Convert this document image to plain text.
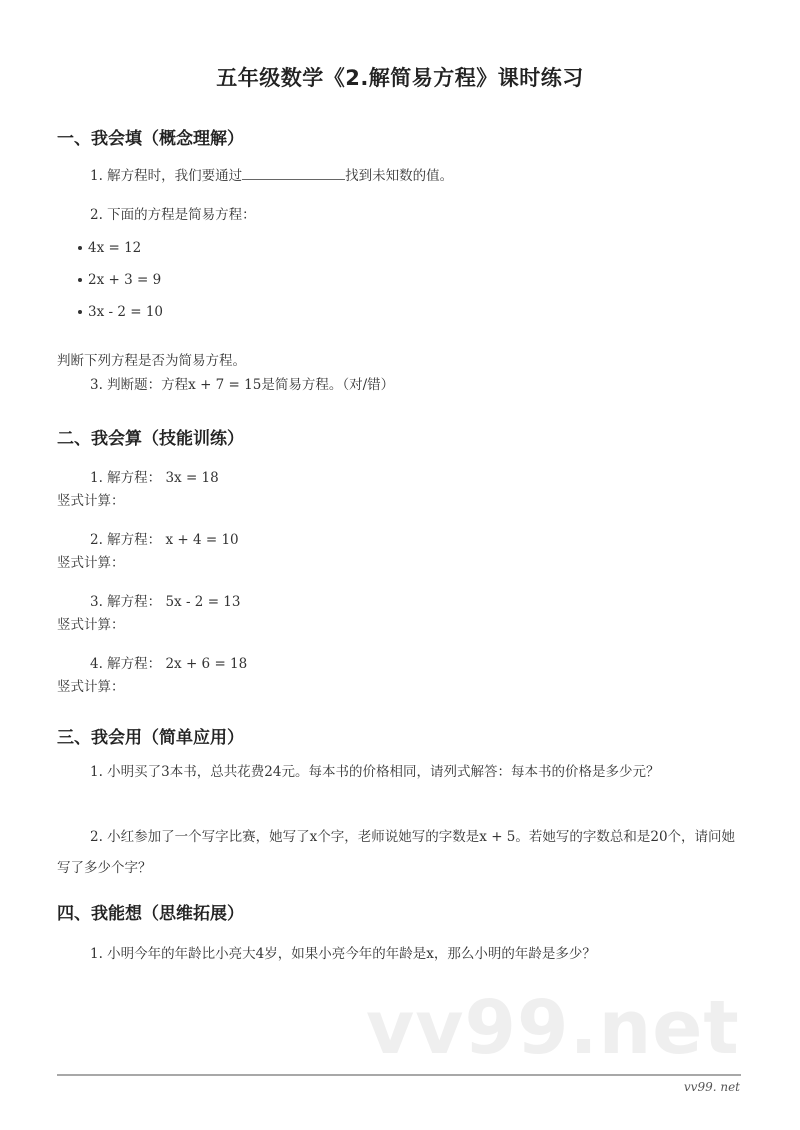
五年级数学《2.解简易方程》课时练习
一、我会填（概念理解）
1. 解方程时，我们要通过	找到未知数的值。
2. 下面的方程是简易方程：
4x = 12
2x + 3 = 9
3x - 2 = 10
判断下列方程是否为简易方程。
3. 判断题：方程x + 7 = 15是简易方程。（对/错）
二、我会算（技能训练）
1. 解方程： 3x = 18
竖式计算：
2. 解方程： x + 4 = 10
竖式计算：
3. 解方程： 5x - 2 = 13
竖式计算：
4. 解方程： 2x + 6 = 18
竖式计算：
三、我会用（简单应用）
1. 小明买了3本书，总共花费24元。每本书的价格相同，请列式解答：每本书的价格是多少元？
2. 小红参加了一个写字比赛，她写了x个字，老师说她写的字数是x + 5。若她写的字数总和是20个，请问她写了多少个字？
四、我能想（思维拓展）
1. 小明今年的年龄比小亮大4岁，如果小亮今年的年龄是x，那么小明的年龄是多少？
vv99.net
vv99. net
